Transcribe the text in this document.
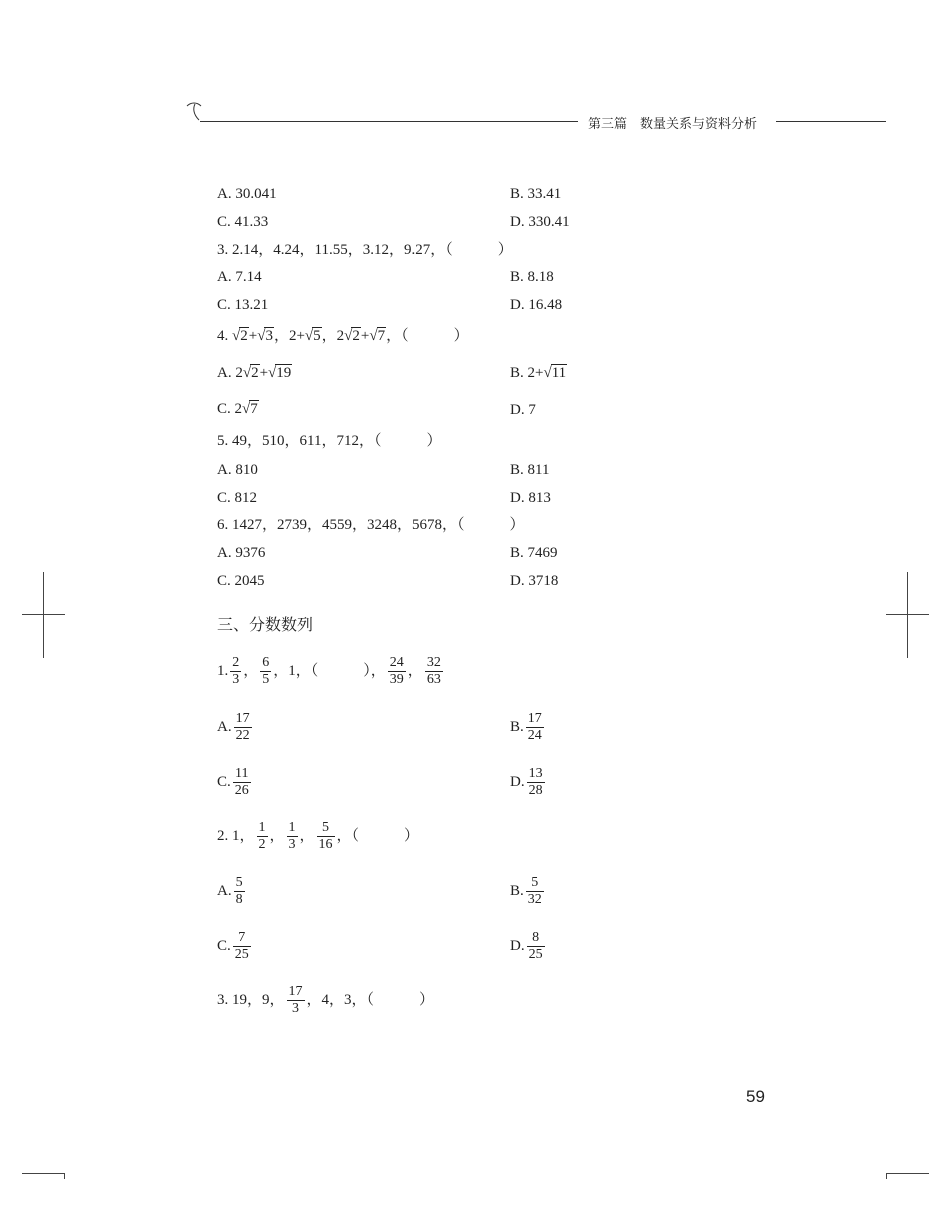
第三篇　数量关系与资料分析
A. 30.041	B. 33.41
C. 41.33	D. 330.41
3. 2.14，4.24，11.55，3.12，9.27，（　　　）
A. 7.14	B. 8.18
C. 13.21	D. 16.48
4. √2+√3，2+√5，2√2+√7，（　　　）
A. 2√2+√19	B. 2+√11
C. 2√7	D. 7
5. 49，510，611，712，（　　　）
A. 810	B. 811
C. 812	D. 813
6. 1427，2739，4559，3248，5678，（　　　）
A. 9376	B. 7469
C. 2045	D. 3718
三、分数数列
1. $\frac{2}{3}$ ， $\frac{6}{5}$ ，1，（　　　）， $\frac{24}{39}$ ， $\frac{32}{63}$
A. $\frac{17}{22}$	B. $\frac{17}{24}$
C. $\frac{11}{26}$	D. $\frac{13}{28}$
2. 1， $\frac{1}{2}$ ， $\frac{1}{3}$ ， $\frac{5}{16}$ ，（　　　）
A. $\frac{5}{8}$	B. $\frac{5}{32}$
C. $\frac{7}{25}$	D. $\frac{8}{25}$
3. 19，9， $\frac{17}{3}$ ，4，3，（　　　）
59
